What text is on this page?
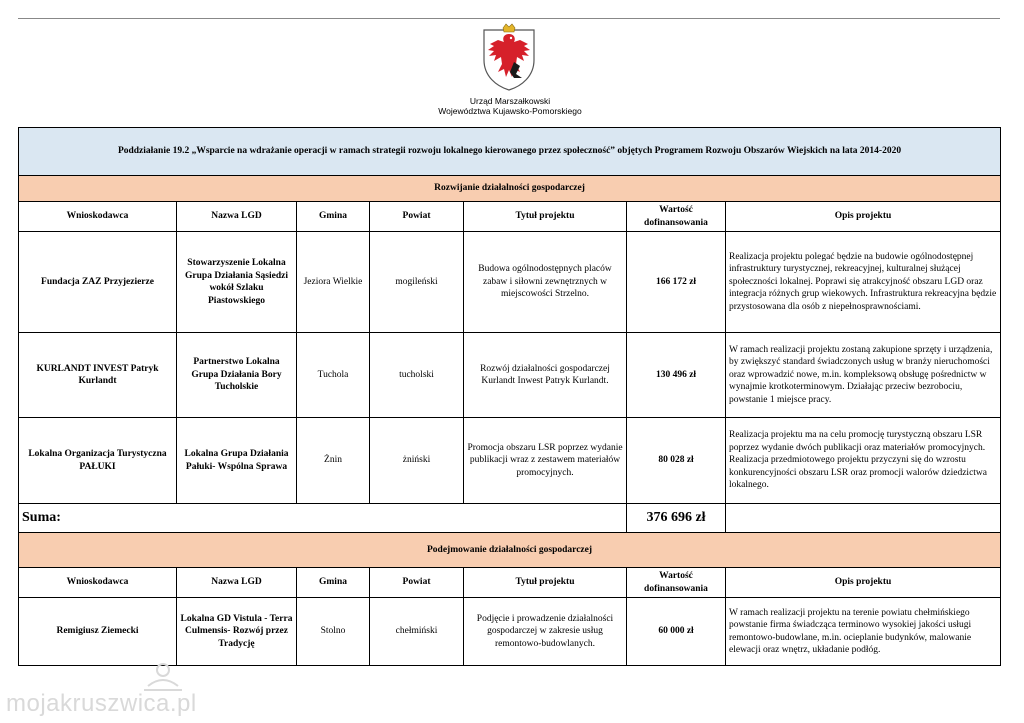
Urząd Marszałkowski
Województwa Kujawsko-Pomorskiego
Poddziałanie 19.2 „Wsparcie na wdrażanie operacji w ramach strategii rozwoju lokalnego kierowanego przez społeczność” objętych Programem Rozwoju Obszarów Wiejskich na lata 2014-2020						
Rozwijanie działalności gospodarczej						
Wnioskodawca	Nazwa LGD	Gmina	Powiat	Tytuł projektu	Wartość dofinansowania	Opis projektu
Fundacja ZAZ Przyjezierze	Stowarzyszenie Lokalna Grupa Działania Sąsiedzi wokół Szlaku Piastowskiego	Jeziora Wielkie	mogileński	Budowa ogólnodostępnych placów zabaw i siłowni zewnętrznych w miejscowości Strzelno.	166 172 zł	Realizacja projektu polegać będzie na budowie ogólnodostępnej infrastruktury turystycznej, rekreacyjnej, kulturalnej służącej społeczności lokalnej. Poprawi się atrakcyjność obszaru LGD oraz integracja różnych grup wiekowych. Infrastruktura rekreacyjna będzie przystosowana dla osób z niepełnosprawnościami.
KURLANDT INVEST Patryk Kurlandt	Partnerstwo Lokalna Grupa Działania Bory Tucholskie	Tuchola	tucholski	Rozwój działalności gospodarczej Kurlandt Inwest Patryk Kurlandt.	130 496 zł	W ramach realizacji projektu zostaną zakupione sprzęty i urządzenia, by zwiększyć standard świadczonych usług w branży nieruchomości oraz wprowadzić nowe, m.in. kompleksową obsługę pośrednictw w wynajmie krotkoterminowym. Działając przeciw bezrobociu, powstanie 1 miejsce pracy.
Lokalna Organizacja Turystyczna PAŁUKI	Lokalna Grupa Działania Pałuki- Wspólna Sprawa	Żnin	żniński	Promocja obszaru LSR poprzez wydanie publikacji wraz z zestawem materiałów promocyjnych.	80 028 zł	Realizacja projektu ma na celu promocję turystyczną obszaru LSR poprzez wydanie dwóch publikacji oraz materiałów promocyjnych. Realizacja przedmiotowego projektu przyczyni się do wzrostu konkurencyjności obszaru LSR oraz promocji walorów dziedzictwa lokalnego.
Suma:					376 696 zł	
Podejmowanie działalności gospodarczej						
Wnioskodawca	Nazwa LGD	Gmina	Powiat	Tytuł projektu	Wartość dofinansowania	Opis projektu
Remigiusz Ziemecki	Lokalna GD Vistula - Terra Culmensis- Rozwój przez Tradycję	Stolno	chełmiński	Podjęcie i prowadzenie działalności gospodarczej w zakresie usług remontowo-budowlanych.	60 000 zł	W ramach realizacji projektu na terenie powiatu chełmińskiego powstanie firma świadcząca terminowo wysokiej jakości usługi remontowo-budowlane, m.in. ocieplanie budynków, malowanie elewacji oraz wnętrz, układanie podłóg.
mojakruszwica.pl
